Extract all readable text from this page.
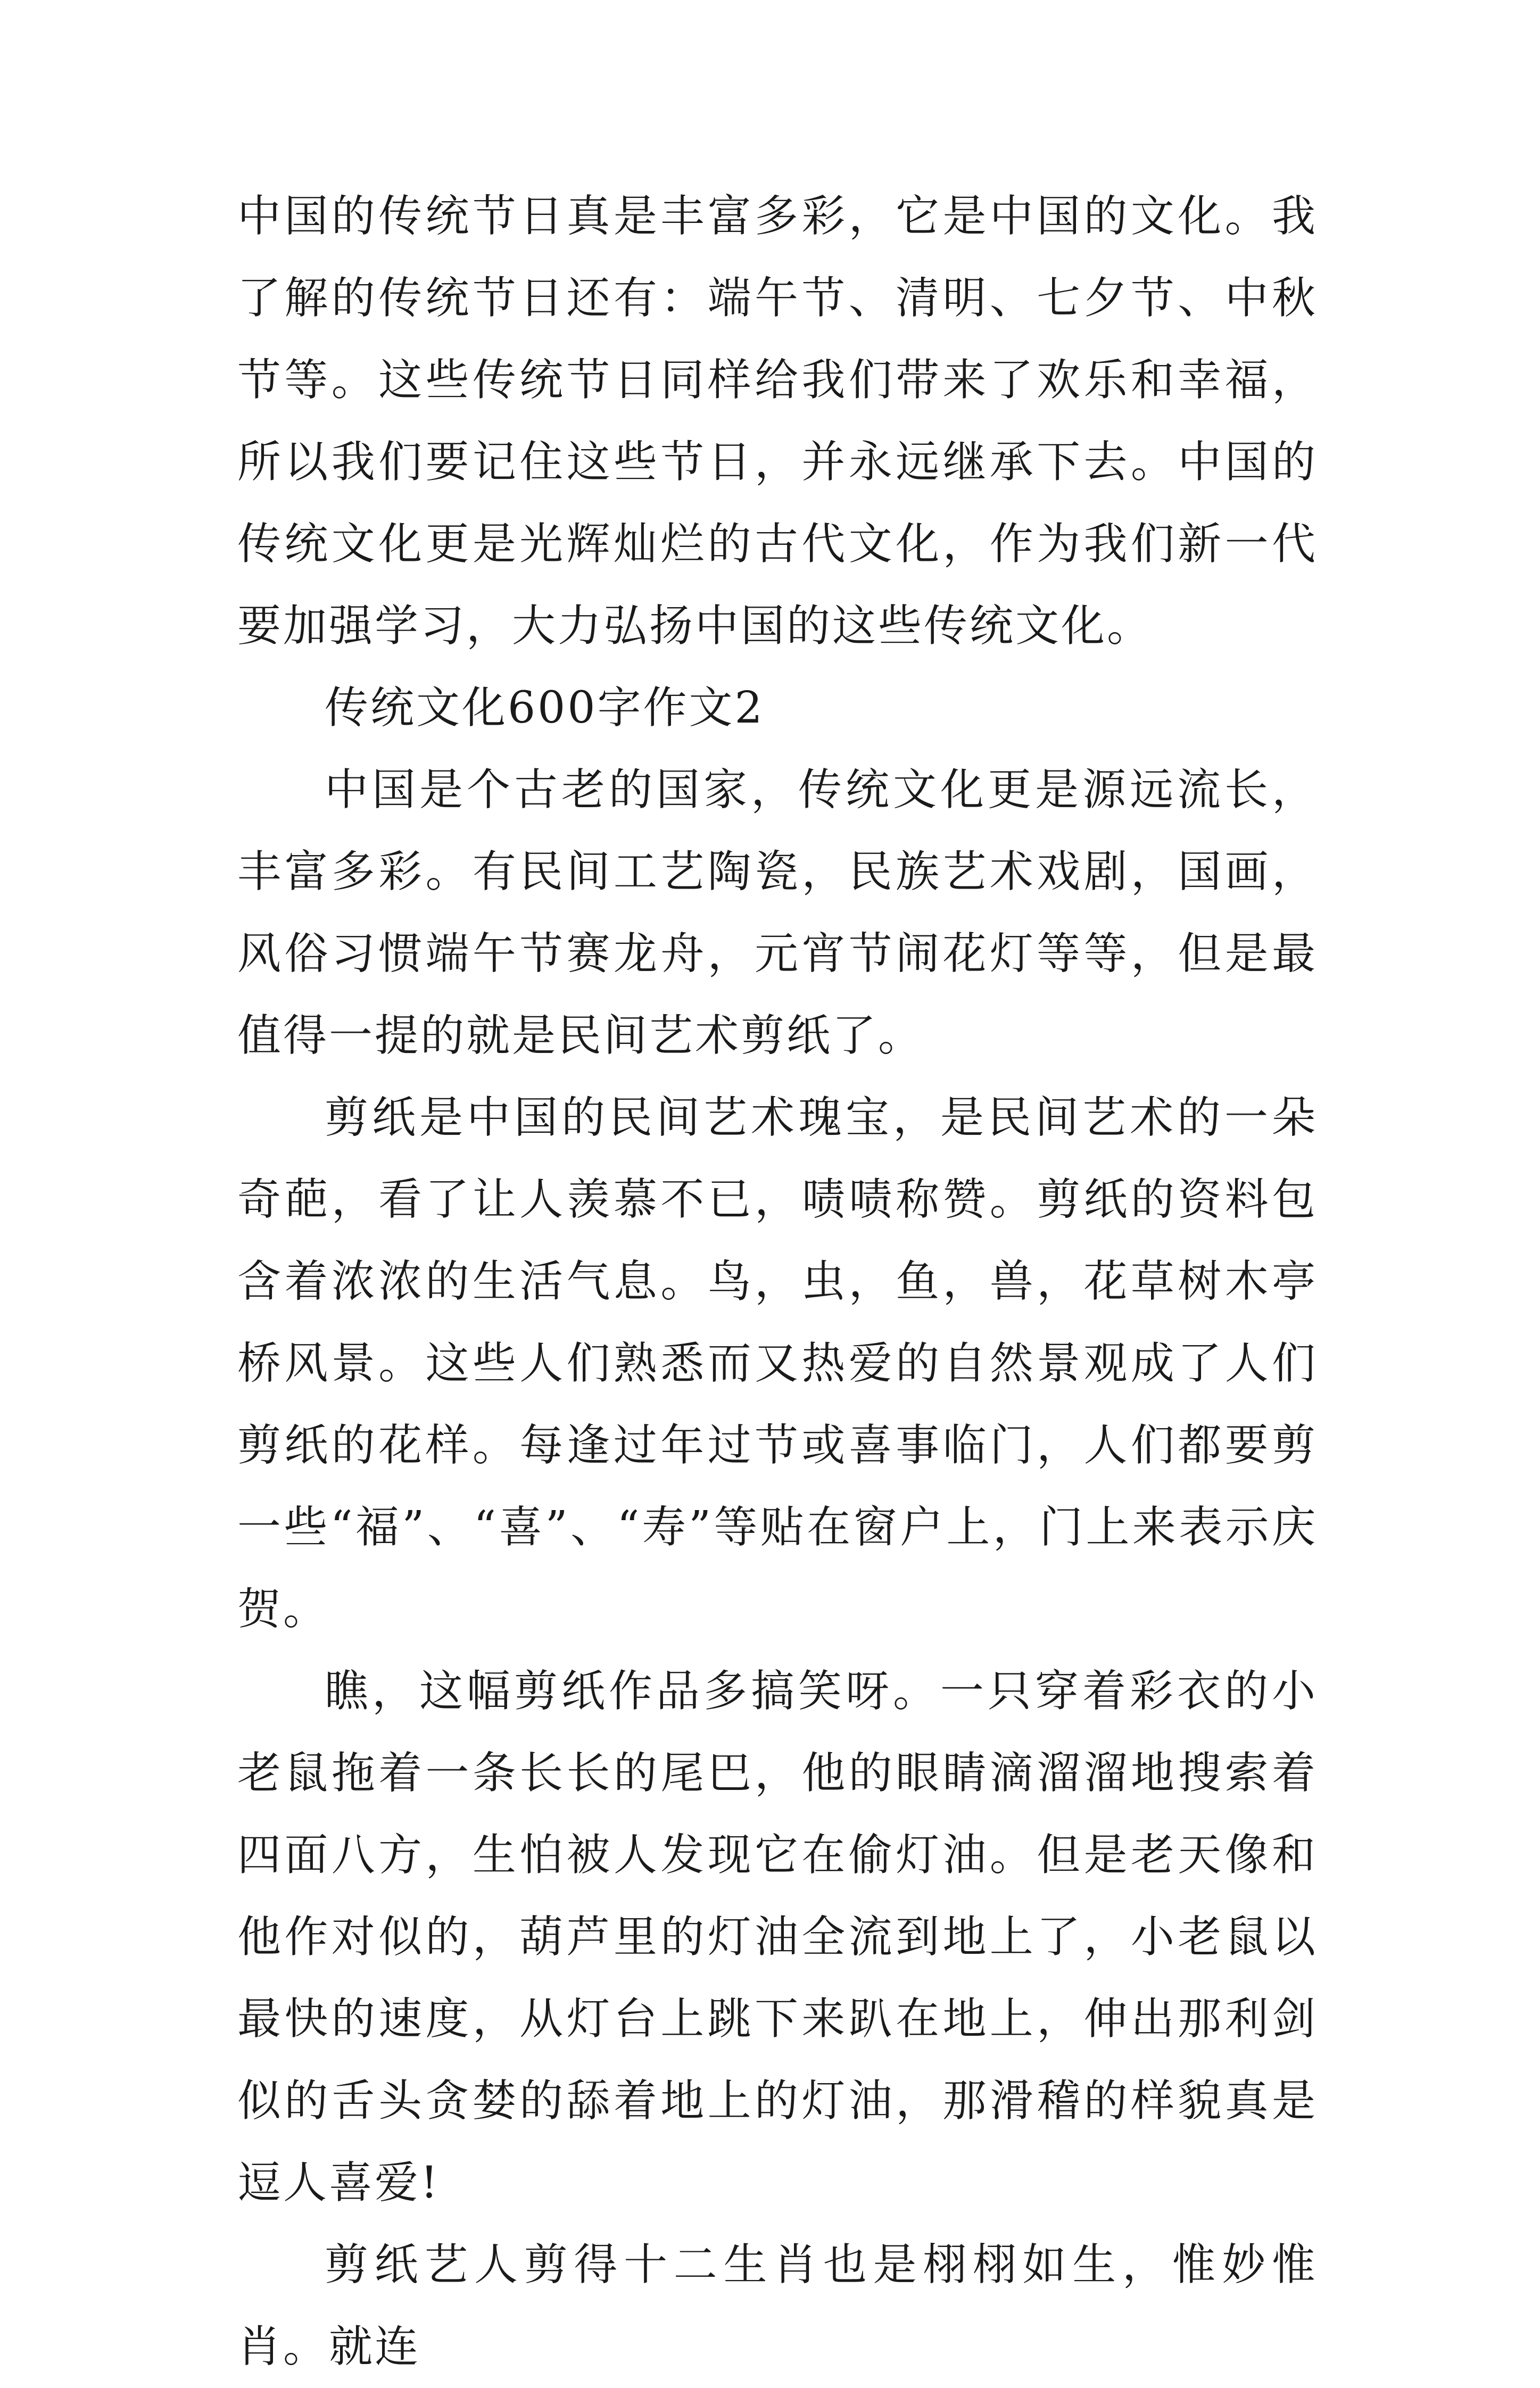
中国的传统节日真是丰富多彩，它是中国的文化。我了解的传统节日还有：端午节、清明、七夕节、中秋节等。这些传统节日同样给我们带来了欢乐和幸福，所以我们要记住这些节日，并永远继承下去。中国的传统文化更是光辉灿烂的古代文化，作为我们新一代要加强学习，大力弘扬中国的这些传统文化。

传统文化600字作文2

中国是个古老的国家，传统文化更是源远流长，丰富多彩。有民间工艺陶瓷，民族艺术戏剧，国画，风俗习惯端午节赛龙舟，元宵节闹花灯等等，但是最值得一提的就是民间艺术剪纸了。

剪纸是中国的民间艺术瑰宝，是民间艺术的一朵奇葩，看了让人羡慕不已，啧啧称赞。剪纸的资料包含着浓浓的生活气息。鸟，虫，鱼，兽，花草树木亭桥风景。这些人们熟悉而又热爱的自然景观成了人们剪纸的花样。每逢过年过节或喜事临门，人们都要剪一些“福”、“喜”、“寿”等贴在窗户上，门上来表示庆贺。

瞧，这幅剪纸作品多搞笑呀。一只穿着彩衣的小老鼠拖着一条长长的尾巴，他的眼睛滴溜溜地搜索着四面八方，生怕被人发现它在偷灯油。但是老天像和他作对似的，葫芦里的灯油全流到地上了，小老鼠以最快的速度，从灯台上跳下来趴在地上，伸出那利剑似的舌头贪婪的舔着地上的灯油，那滑稽的样貌真是逗人喜爱!

剪纸艺人剪得十二生肖也是栩栩如生，惟妙惟肖。就连
